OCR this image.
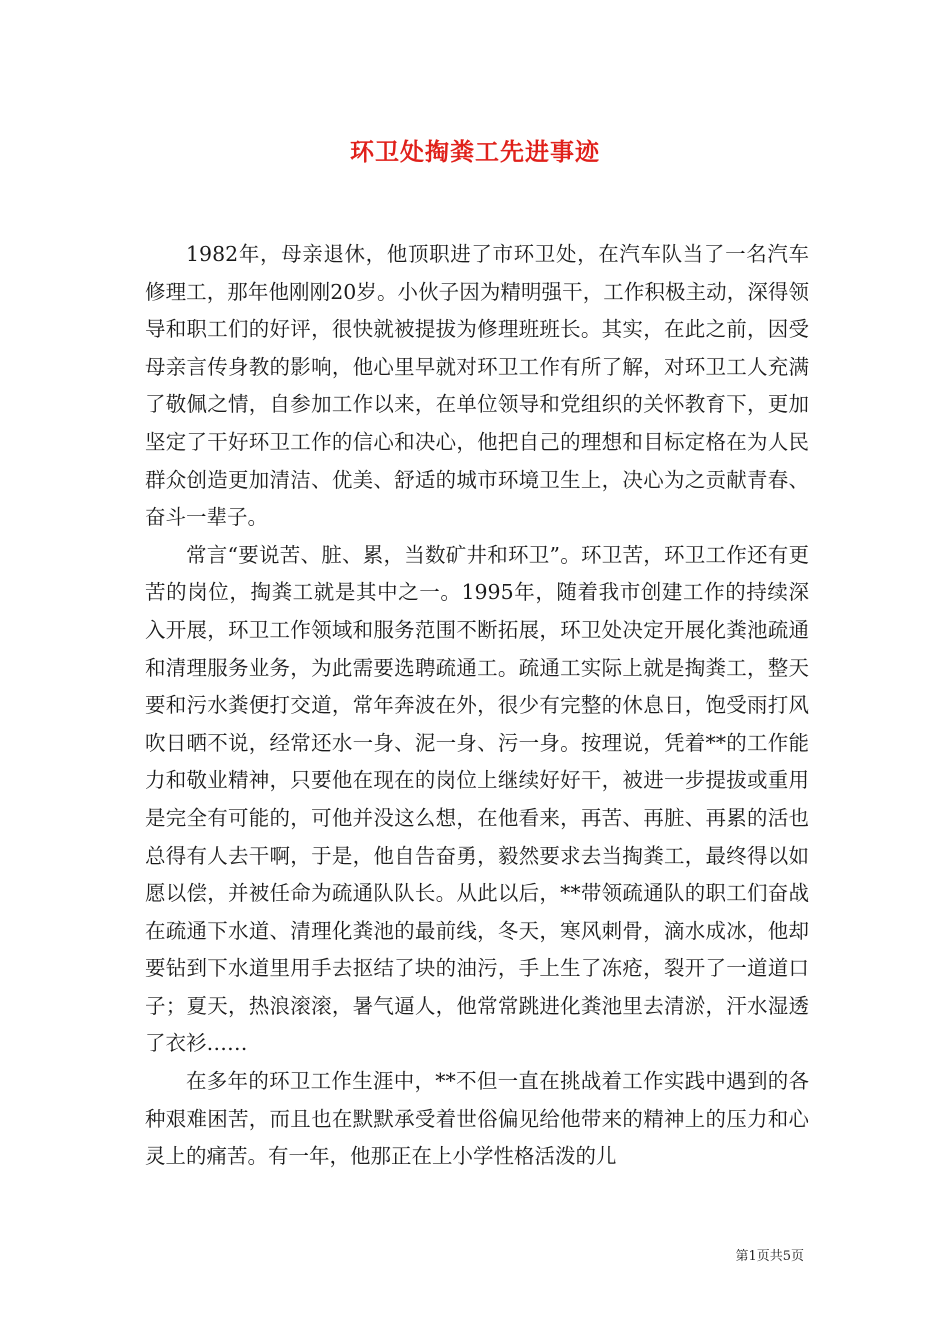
环卫处掏粪工先进事迹

1982年，母亲退休，他顶职进了市环卫处，在汽车队当了一名汽车修理工，那年他刚刚20岁。小伙子因为精明强干，工作积极主动，深得领导和职工们的好评，很快就被提拔为修理班班长。其实，在此之前，因受母亲言传身教的影响，他心里早就对环卫工作有所了解，对环卫工人充满了敬佩之情，自参加工作以来，在单位领导和党组织的关怀教育下，更加坚定了干好环卫工作的信心和决心，他把自己的理想和目标定格在为人民群众创造更加清洁、优美、舒适的城市环境卫生上，决心为之贡献青春、奋斗一辈子。

常言“要说苦、脏、累，当数矿井和环卫”。环卫苦，环卫工作还有更苦的岗位，掏粪工就是其中之一。1995年，随着我市创建工作的持续深入开展，环卫工作领域和服务范围不断拓展，环卫处决定开展化粪池疏通和清理服务业务，为此需要选聘疏通工。疏通工实际上就是掏粪工，整天要和污水粪便打交道，常年奔波在外，很少有完整的休息日，饱受雨打风吹日晒不说，经常还水一身、泥一身、污一身。按理说，凭着**的工作能力和敬业精神，只要他在现在的岗位上继续好好干，被进一步提拔或重用是完全有可能的，可他并没这么想，在他看来，再苦、再脏、再累的活也总得有人去干啊，于是，他自告奋勇，毅然要求去当掏粪工，最终得以如愿以偿，并被任命为疏通队队长。从此以后，**带领疏通队的职工们奋战在疏通下水道、清理化粪池的最前线，冬天，寒风刺骨，滴水成冰，他却要钻到下水道里用手去抠结了块的油污，手上生了冻疮，裂开了一道道口子；夏天，热浪滚滚，暑气逼人，他常常跳进化粪池里去清淤，汗水湿透了衣衫……

在多年的环卫工作生涯中，**不但一直在挑战着工作实践中遇到的各种艰难困苦，而且也在默默承受着世俗偏见给他带来的精神上的压力和心灵上的痛苦。有一年，他那正在上小学性格活泼的儿

第1页共5页
